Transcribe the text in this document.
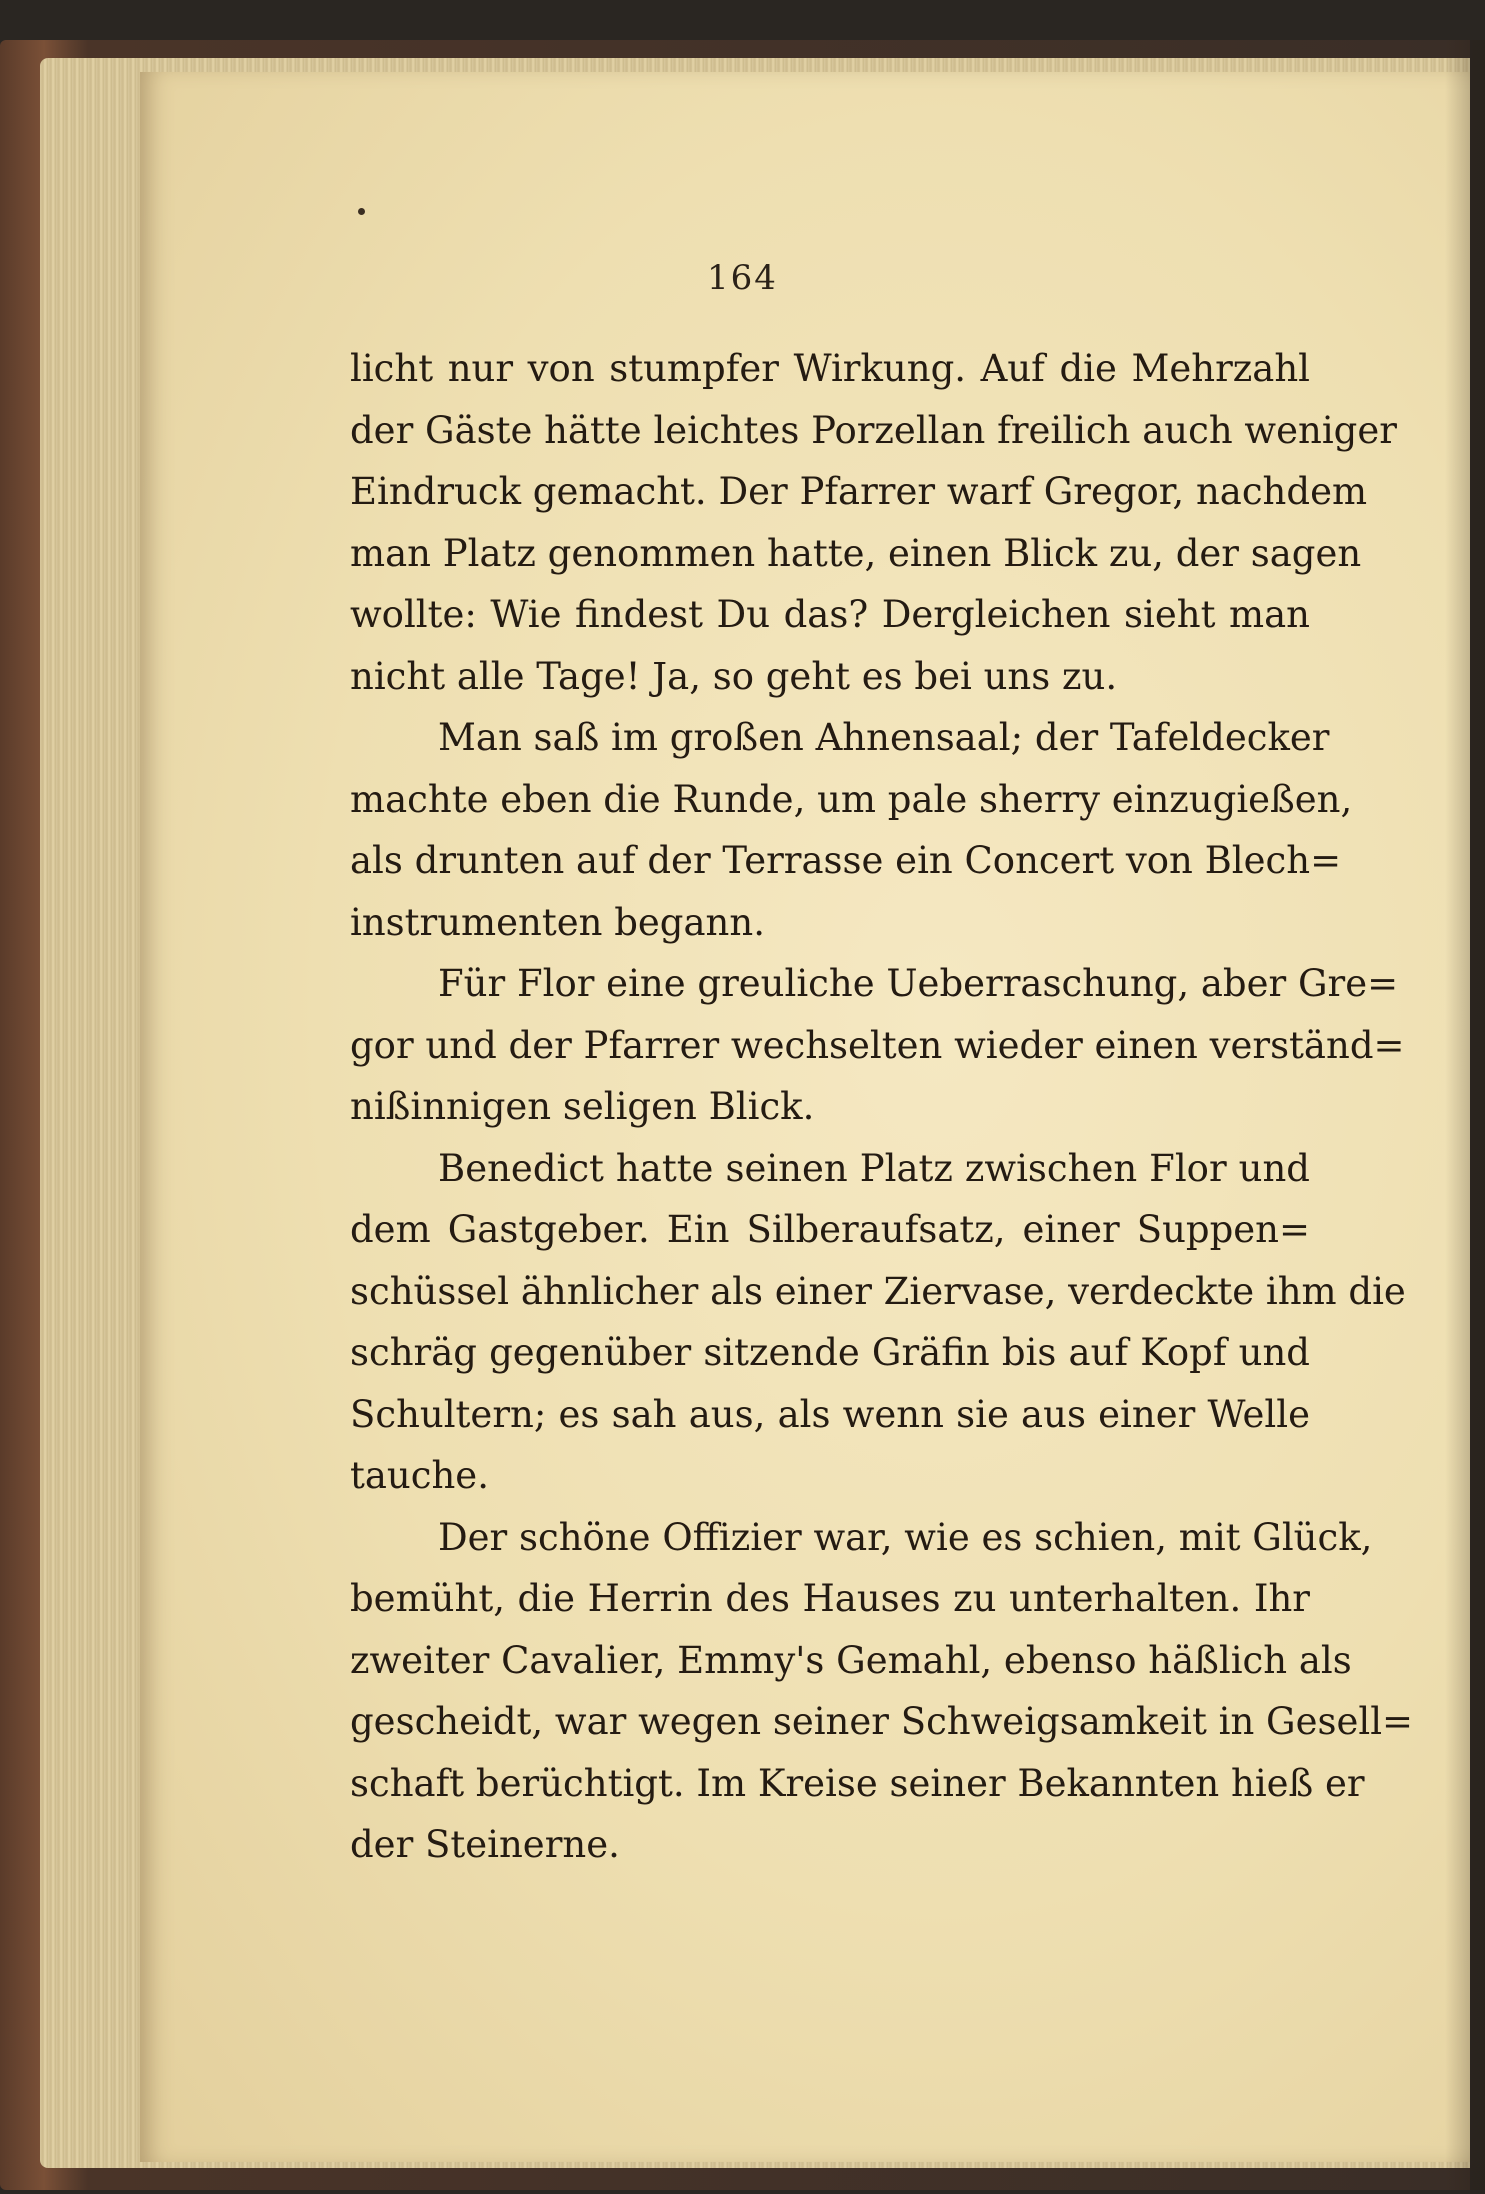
164
licht nur von stumpfer Wirkung. Auf die Mehrzahl
der Gäste hätte leichtes Porzellan freilich auch weniger
Eindruck gemacht. Der Pfarrer warf Gregor, nachdem
man Platz genommen hatte, einen Blick zu, der sagen
wollte: Wie findest Du das? Dergleichen sieht man
nicht alle Tage! Ja, so geht es bei uns zu.
Man saß im großen Ahnensaal; der Tafeldecker
machte eben die Runde, um pale sherry einzugießen,
als drunten auf der Terrasse ein Concert von Blech=
instrumenten begann.
Für Flor eine greuliche Ueberraschung, aber Gre=
gor und der Pfarrer wechselten wieder einen verständ=
nißinnigen seligen Blick.
Benedict hatte seinen Platz zwischen Flor und
dem Gastgeber. Ein Silberaufsatz, einer Suppen=
schüssel ähnlicher als einer Ziervase, verdeckte ihm die
schräg gegenüber sitzende Gräfin bis auf Kopf und
Schultern; es sah aus, als wenn sie aus einer Welle
tauche.
Der schöne Offizier war, wie es schien, mit Glück,
bemüht, die Herrin des Hauses zu unterhalten. Ihr
zweiter Cavalier, Emmy's Gemahl, ebenso häßlich als
gescheidt, war wegen seiner Schweigsamkeit in Gesell=
schaft berüchtigt. Im Kreise seiner Bekannten hieß er
der Steinerne.
